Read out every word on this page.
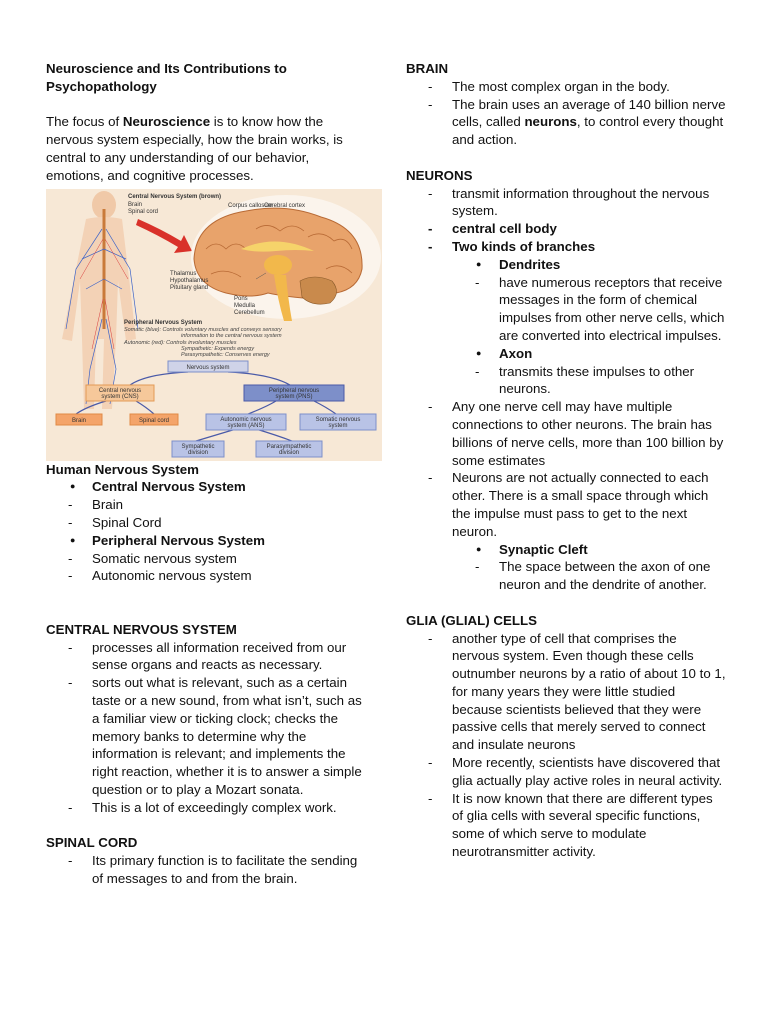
Neuroscience and Its Contributions to
Psychopathology
The focus of Neuroscience is to know how the nervous system especially, how the brain works, is central to any understanding of our behavior, emotions, and cognitive processes.
Central Nervous System (brown)
Brain
Spinal cord
Corpus callosum
Cerebral cortex
Thalamus
Hypothalamus
Pituitary gland
Pons
Medulla
Cerebellum
Peripheral Nervous System
Somatic (blue): Controls voluntary muscles and conveys sensory
information to the central nervous system
Autonomic (red): Controls involuntary muscles
Sympathetic: Expends energy
Parasympathetic: Conserves energy
Nervous system
Central nervous
system (CNS)
Peripheral nervous
system (PNS)
Brain	Spinal cord	Autonomic nervous
system (ANS)
Somatic nervous
system
Sympathetic
division
Parasympathetic
division
Human Nervous System
● Central Nervous System
- Brain
- Spinal Cord
● Peripheral Nervous System
- Somatic nervous system
- Autonomic nervous system
CENTRAL NERVOUS SYSTEM
- processes all information received from our sense organs and reacts as necessary.
- sorts out what is relevant, such as a certain taste or a new sound, from what isn’t, such as a familiar view or ticking clock; checks the memory banks to determine why the information is relevant; and implements the right reaction, whether it is to answer a simple question or to play a Mozart sonata.
- This is a lot of exceedingly complex work.
SPINAL CORD
- Its primary function is to facilitate the sending of messages to and from the brain.
BRAIN
- The most complex organ in the body.
- The brain uses an average of 140 billion nerve cells, called neurons, to control every thought and action.
NEURONS
- transmit information throughout the nervous system.
- central cell body
- Two kinds of branches
● Dendrites
- have numerous receptors that receive messages in the form of chemical impulses from other nerve cells, which are converted into electrical impulses.
● Axon
- transmits these impulses to other neurons.
- Any one nerve cell may have multiple connections to other neurons. The brain has billions of nerve cells, more than 100 billion by some estimates
- Neurons are not actually connected to each other. There is a small space through which the impulse must pass to get to the next neuron.
● Synaptic Cleft
- The space between the axon of one neuron and the dendrite of another.
GLIA (GLIAL) CELLS
- another type of cell that comprises the nervous system. Even though these cells outnumber neurons by a ratio of about 10 to 1, for many years they were little studied because scientists believed that they were passive cells that merely served to connect and insulate neurons
- More recently, scientists have discovered that glia actually play active roles in neural activity.
- It is now known that there are different types of glia cells with several specific functions, some of which serve to modulate neurotransmitter activity.
